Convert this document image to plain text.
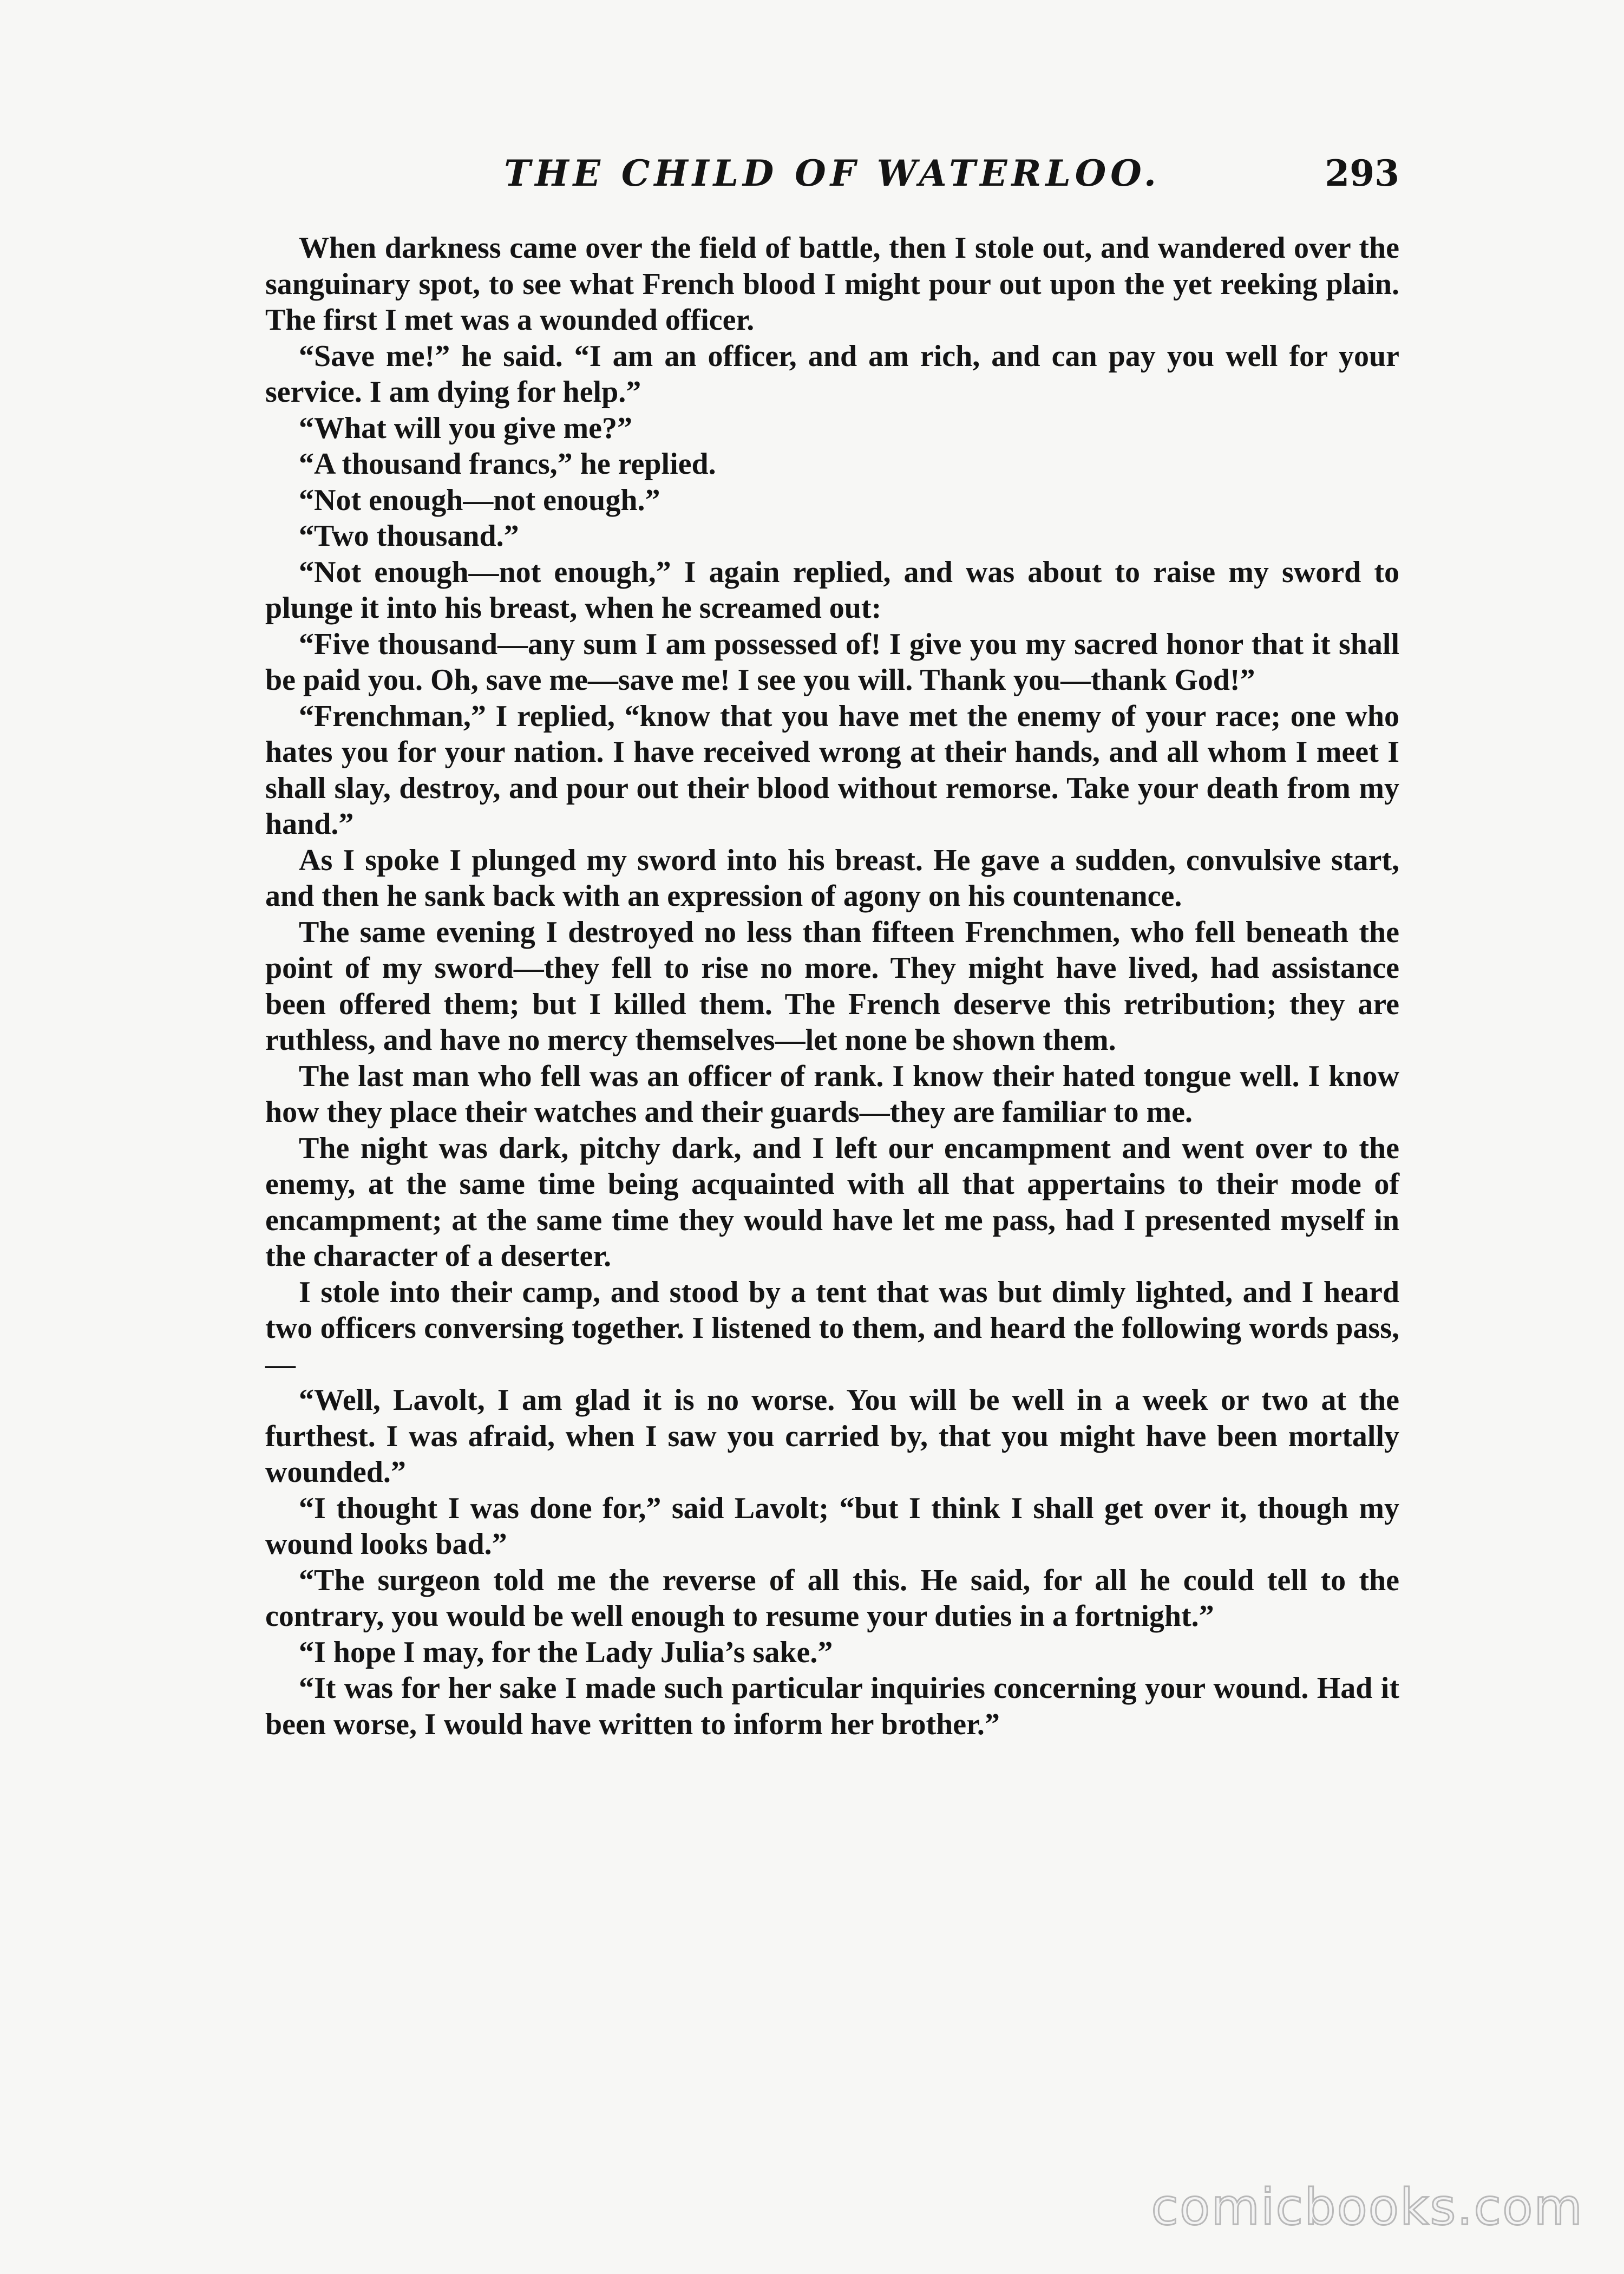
THE CHILD OF WATERLOO.	293

When darkness came over the field of battle, then I stole out, and wandered over the sanguinary spot, to see what French blood I might pour out upon the yet reeking plain. The first I met was a wounded officer.

“Save me!” he said. “I am an officer, and am rich, and can pay you well for your service. I am dying for help.”

“What will you give me?”

“A thousand francs,” he replied.

“Not enough—not enough.”

“Two thousand.”

“Not enough—not enough,” I again replied, and was about to raise my sword to plunge it into his breast, when he screamed out:

“Five thousand—any sum I am possessed of! I give you my sacred honor that it shall be paid you. Oh, save me—save me! I see you will. Thank you—thank God!”

“Frenchman,” I replied, “know that you have met the enemy of your race; one who hates you for your nation. I have received wrong at their hands, and all whom I meet I shall slay, destroy, and pour out their blood without remorse. Take your death from my hand.”

As I spoke I plunged my sword into his breast. He gave a sudden, convulsive start, and then he sank back with an expression of agony on his countenance.

The same evening I destroyed no less than fifteen Frenchmen, who fell beneath the point of my sword—they fell to rise no more. They might have lived, had assistance been offered them; but I killed them. The French deserve this retribution; they are ruthless, and have no mercy themselves—let none be shown them.

The last man who fell was an officer of rank. I know their hated tongue well. I know how they place their watches and their guards—they are familiar to me.

The night was dark, pitchy dark, and I left our encampment and went over to the enemy, at the same time being acquainted with all that appertains to their mode of encampment; at the same time they would have let me pass, had I presented myself in the character of a deserter.

I stole into their camp, and stood by a tent that was but dimly lighted, and I heard two officers conversing together. I listened to them, and heard the following words pass,—

“Well, Lavolt, I am glad it is no worse. You will be well in a week or two at the furthest. I was afraid, when I saw you carried by, that you might have been mortally wounded.”

“I thought I was done for,” said Lavolt; “but I think I shall get over it, though my wound looks bad.”

“The surgeon told me the reverse of all this. He said, for all he could tell to the contrary, you would be well enough to resume your duties in a fortnight.”

“I hope I may, for the Lady Julia’s sake.”

“It was for her sake I made such particular inquiries concerning your wound. Had it been worse, I would have written to inform her brother.”

comicbooks.com
